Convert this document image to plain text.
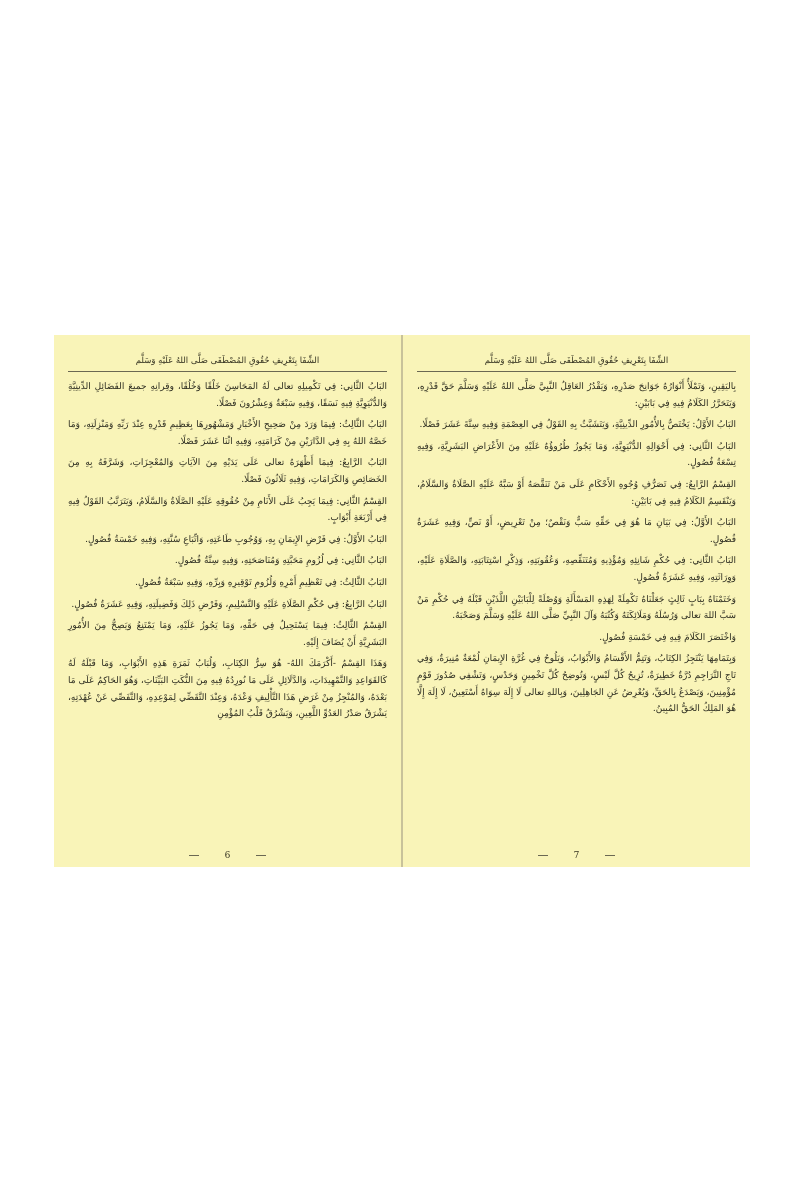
الشِّفَا بِتَعْرِيفِ حُقُوقِ المُصْطَفَى صَلَّى اللهُ عَلَيْهِ وَسَلَّم

البَابُ الثَّانِي: فِي تَكْمِيلِهِ تعالى لَهُ المَحَاسِنَ خَلْقًا وَخُلُقًا، وقِرانِهِ جميعَ الفَضَائِلِ الدِّينِيَّةِ وَالدُّنْيَوِيَّةِ فِيهِ نَسَقًا، وَفِيهِ سَبْعَةٌ وَعِشْرُونَ فَصْلًا.

البَابُ الثَّالِثُ: فِيمَا وَرَدَ مِنْ صَحِيحِ الأَخْبَارِ وَمَشْهُورِهَا بِعَظِيمِ قَدْرِهِ عِنْدَ رَبِّهِ وَمَنْزِلَتِهِ، وَمَا خَصَّهُ اللهُ بِهِ فِي الدَّارَيْنِ مِنْ كَرَامَتِهِ، وَفِيهِ اثْنَا عَشَرَ فَصْلًا.

البَابُ الرَّابِعُ: فِيمَا أَظْهَرَهُ تعالى عَلَى يَدَيْهِ مِنَ الآيَاتِ وَالمُعْجِزَاتِ، وَشَرَّفَهُ بِهِ مِنَ الخَصَائِصِ وَالكَرَامَاتِ، وَفِيهِ ثَلَاثُونَ فَصْلًا.

القِسْمُ الثَّانِي: فِيمَا يَجِبُ عَلَى الأَنَامِ مِنْ حُقُوقِهِ عَلَيْهِ الصَّلَاةُ وَالسَّلَامُ، وَيَتَرَتَّبُ القَوْلُ فِيهِ فِي أَرْبَعَةِ أَبْوَابٍ.

البَابُ الأَوَّلُ: فِي فَرْضِ الإِيمَانِ بِهِ، وَوُجُوبِ طَاعَتِهِ، وَاتِّبَاعِ سُنَّتِهِ، وَفِيهِ خَمْسَةُ فُصُولٍ.

البَابُ الثَّانِي: فِي لُزُومِ مَحَبَّتِهِ وَمُنَاصَحَتِهِ، وَفِيهِ سِتَّةُ فُصُولٍ.

البَابُ الثَّالِثُ: فِي تَعْظِيمِ أَمْرِهِ وَلُزُومِ تَوْقِيرِهِ وَبِرِّهِ، وَفِيهِ سَبْعَةُ فُصُولٍ.

البَابُ الرَّابِعُ: فِي حُكْمِ الصَّلَاةِ عَلَيْهِ وَالتَّسْلِيمِ، وَفَرْضِ ذَلِكَ وَفَضِيلَتِهِ، وَفِيهِ عَشَرَةُ فُصُولٍ.

القِسْمُ الثَّالِثُ: فِيمَا يَسْتَحِيلُ فِي حَقِّهِ، وَمَا يَجُوزُ عَلَيْهِ، وَمَا يَمْتَنِعُ وَيَصِحُّ مِنَ الأُمُورِ البَشَرِيَّةِ أَنْ يُضَافَ إِلَيْهِ.

وَهَذَا القِسْمُ -أَكْرَمَكَ اللهُ- هُوَ سِرُّ الكِتَابِ، وَلُبَابُ ثَمَرَةِ هَذِهِ الأَبْوَابِ، وَمَا قَبْلَهُ لَهُ كَالقَوَاعِدِ وَالتَّمْهِيدَاتِ، وَالدَّلَائِلِ عَلَى مَا نُورِدُهُ فِيهِ مِنَ النُّكَتِ البَيِّنَاتِ، وَهُوَ الحَاكِمُ عَلَى مَا بَعْدَهُ، وَالمُنْجِزُ مِنْ غَرَضِ هَذَا التَّأْلِيفِ وَعْدَهُ، وَعِنْدَ التَّقَضِّي لِمَوْعِدِهِ، وَالتَّفَصِّي عَنْ عُهْدَتِهِ، يَشْرَقُ صَدْرُ العَدُوِّ اللَّعِينِ، وَيَشْرُقُ قَلْبُ المُؤْمِنِ

6
الشِّفَا بِتَعْرِيفِ حُقُوقِ المُصْطَفَى صَلَّى اللهُ عَلَيْهِ وَسَلَّم

بِاليَقِينِ، وَتَمْلَأُ أَنْوَارُهُ جَوَانِحَ صَدْرِهِ، وَيَقْدُرُ العَاقِلُ النَّبِيَّ صَلَّى اللهُ عَلَيْهِ وَسَلَّمَ حَقَّ قَدْرِهِ، وَيَتَحَرَّرُ الكَلَامُ فِيهِ فِي بَابَيْنِ:

البَابُ الأَوَّلُ: يَخْتَصُّ بِالأُمُورِ الدِّينِيَّةِ، وَيَتَشَبَّثُ بِهِ القَوْلُ فِي العِصْمَةِ وَفِيهِ سِتَّةَ عَشَرَ فَصْلًا.

البَابُ الثَّانِي: فِي أَحْوَالِهِ الدُّنْيَوِيَّةِ، وَمَا يَجُوزُ طُرُوؤُهُ عَلَيْهِ مِنَ الأَعْرَاضِ البَشَرِيَّةِ، وَفِيهِ تِسْعَةُ فُصُولٍ.

القِسْمُ الرَّابِعُ: فِي تَصَرُّفِ وُجُوهِ الأَحْكَامِ عَلَى مَنْ تَنَقَّصَهُ أَوْ سَبَّهُ عَلَيْهِ الصَّلَاةُ وَالسَّلَامُ، وَيَنْقَسِمُ الكَلَامُ فِيهِ فِي بَابَيْنِ:

البَابُ الأَوَّلُ: فِي بَيَانِ مَا هُوَ فِي حَقِّهِ سَبٌّ وَنَقْصٌ؛ مِنْ تَعْرِيضٍ، أَوْ نَصٍّ، وَفِيهِ عَشَرَةُ فُصُولٍ.

البَابُ الثَّانِي: فِي حُكْمِ شَانِئِهِ وَمُؤْذِيهِ وَمُتَنَقِّصِهِ، وَعُقُوبَتِهِ، وَذِكْرِ اسْتِتَابَتِهِ، وَالصَّلَاةِ عَلَيْهِ، وَوِرَاثَتِهِ، وَفِيهِ عَشَرَةُ فُصُولٍ.

وَخَتَمْنَاهُ بِبَابٍ ثَالِثٍ جَعَلْنَاهُ تَكْمِلَةً لِهَذِهِ المَسْأَلَةِ وَوُصْلَةً لِلْبَابَيْنِ اللَّذَيْنِ قَبْلَهُ فِي حُكْمِ مَنْ سَبَّ اللهَ تعالى وَرُسُلَهُ وَمَلَائِكَتَهُ وَكُتُبَهُ وَآلَ النَّبِيِّ صَلَّى اللهُ عَلَيْهِ وَسَلَّمَ وَصَحْبَهُ.

وَاخْتَصَرَ الكَلَامَ فِيهِ فِي خَمْسَةِ فُصُولٍ.

وَبِتَمَامِهَا يَنْتَجِزُ الكِتَابُ، وَتَتِمُّ الأَقْسَامُ وَالأَبْوَابُ، وَيَلُوحُ فِي غُرَّةِ الإِيمَانِ لُمْعَةٌ مُنِيرَةٌ، وَفِي تَاجِ التَّرَاجِمِ دُرَّةٌ خَطِيرَةٌ، تُزِيحُ كُلَّ لَبْسٍ، وَتُوضِحُ كُلَّ تَخْمِينٍ وَحَدْسٍ، وَتَشْفِي صُدُورَ قَوْمٍ مُؤْمِنِينَ، وَيَصْدَعُ بِالحَقِّ، وَيُعْرِضُ عَنِ الجَاهِلِينَ، وَبِاللهِ تعالى لَا إِلَهَ سِوَاهُ أَسْتَعِينُ، لَا إِلَهَ إِلَّا هُوَ المَلِكُ الحَقُّ المُبِينُ.

7
